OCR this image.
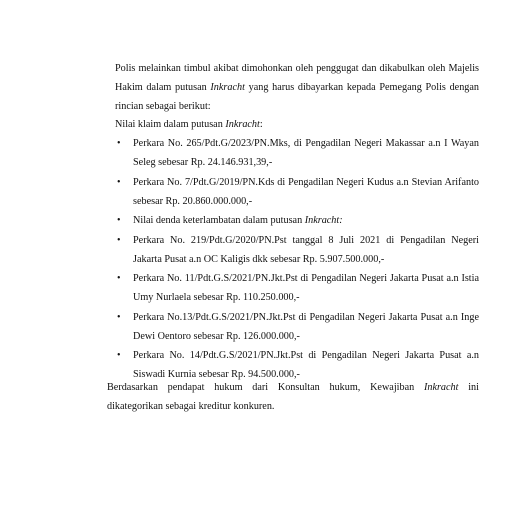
Polis melainkan timbul akibat dimohonkan oleh penggugat dan dikabulkan oleh Majelis Hakim dalam putusan Inkracht yang harus dibayarkan kepada Pemegang Polis dengan rincian sebagai berikut:

Nilai klaim dalam putusan Inkracht:

• Perkara No. 265/Pdt.G/2023/PN.Mks, di Pengadilan Negeri Makassar a.n I Wayan Seleg sebesar Rp. 24.146.931,39,-
• Perkara No. 7/Pdt.G/2019/PN.Kds di Pengadilan Negeri Kudus a.n Stevian Arifanto sebesar Rp. 20.860.000.000,-
• Nilai denda keterlambatan dalam putusan Inkracht:
• Perkara No. 219/Pdt.G/2020/PN.Pst tanggal 8 Juli 2021 di Pengadilan Negeri Jakarta Pusat a.n OC Kaligis dkk sebesar Rp. 5.907.500.000,-
• Perkara No. 11/Pdt.G.S/2021/PN.Jkt.Pst di Pengadilan Negeri Jakarta Pusat a.n Istia Umy Nurlaela sebesar Rp. 110.250.000,-
• Perkara No.13/Pdt.G.S/2021/PN.Jkt.Pst di Pengadilan Negeri Jakarta Pusat a.n Inge Dewi Oentoro sebesar Rp. 126.000.000,-
• Perkara No. 14/Pdt.G.S/2021/PN.Jkt.Pst di Pengadilan Negeri Jakarta Pusat a.n Siswadi Kurnia sebesar Rp. 94.500.000,-

Berdasarkan pendapat hukum dari Konsultan hukum, Kewajiban Inkracht ini dikategorikan sebagai kreditur konkuren.
